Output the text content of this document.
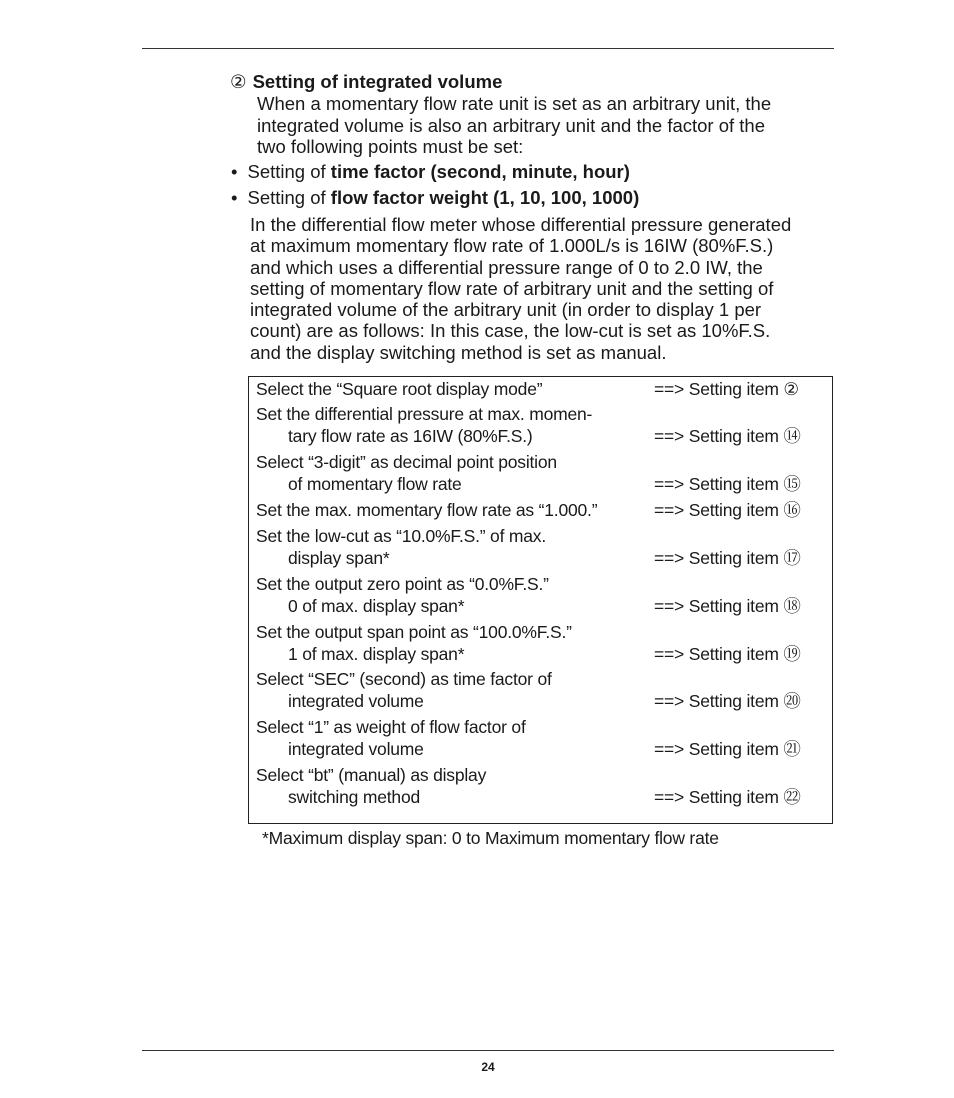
② Setting of integrated volume
When a momentary flow rate unit is set as an arbitrary unit, the
integrated volume is also an arbitrary unit and the factor of the
two following points must be set:
• Setting of time factor (second, minute, hour)
• Setting of flow factor weight (1, 10, 100, 1000)
In the differential flow meter whose differential pressure generated
at maximum momentary flow rate of 1.000L/s is 16IW (80%F.S.)
and which uses a differential pressure range of 0 to 2.0 IW, the
setting of momentary flow rate of arbitrary unit and the setting of
integrated volume of the arbitrary unit (in order to display 1 per
count) are as follows: In this case, the low-cut is set as 10%F.S.
and the display switching method is set as manual.
Select the “Square root display mode”	==> Setting item ②
Set the differential pressure at max. momen-
tary flow rate as 16IW (80%F.S.)	==> Setting item ⑭
Select “3-digit” as decimal point position
of momentary flow rate	==> Setting item ⑮
Set the max. momentary flow rate as “1.000.”	==> Setting item ⑯
Set the low-cut as “10.0%F.S.” of max.
display span*	==> Setting item ⑰
Set the output zero point as “0.0%F.S.”
0 of max. display span*	==> Setting item ⑱
Set the output span point as “100.0%F.S.”
1 of max. display span*	==> Setting item ⑲
Select “SEC” (second) as time factor of
integrated volume	==> Setting item ⑳
Select “1” as weight of flow factor of
integrated volume	==> Setting item ㉑
Select “bt” (manual) as display
switching method	==> Setting item ㉒
*Maximum display span: 0 to Maximum momentary flow rate
24
